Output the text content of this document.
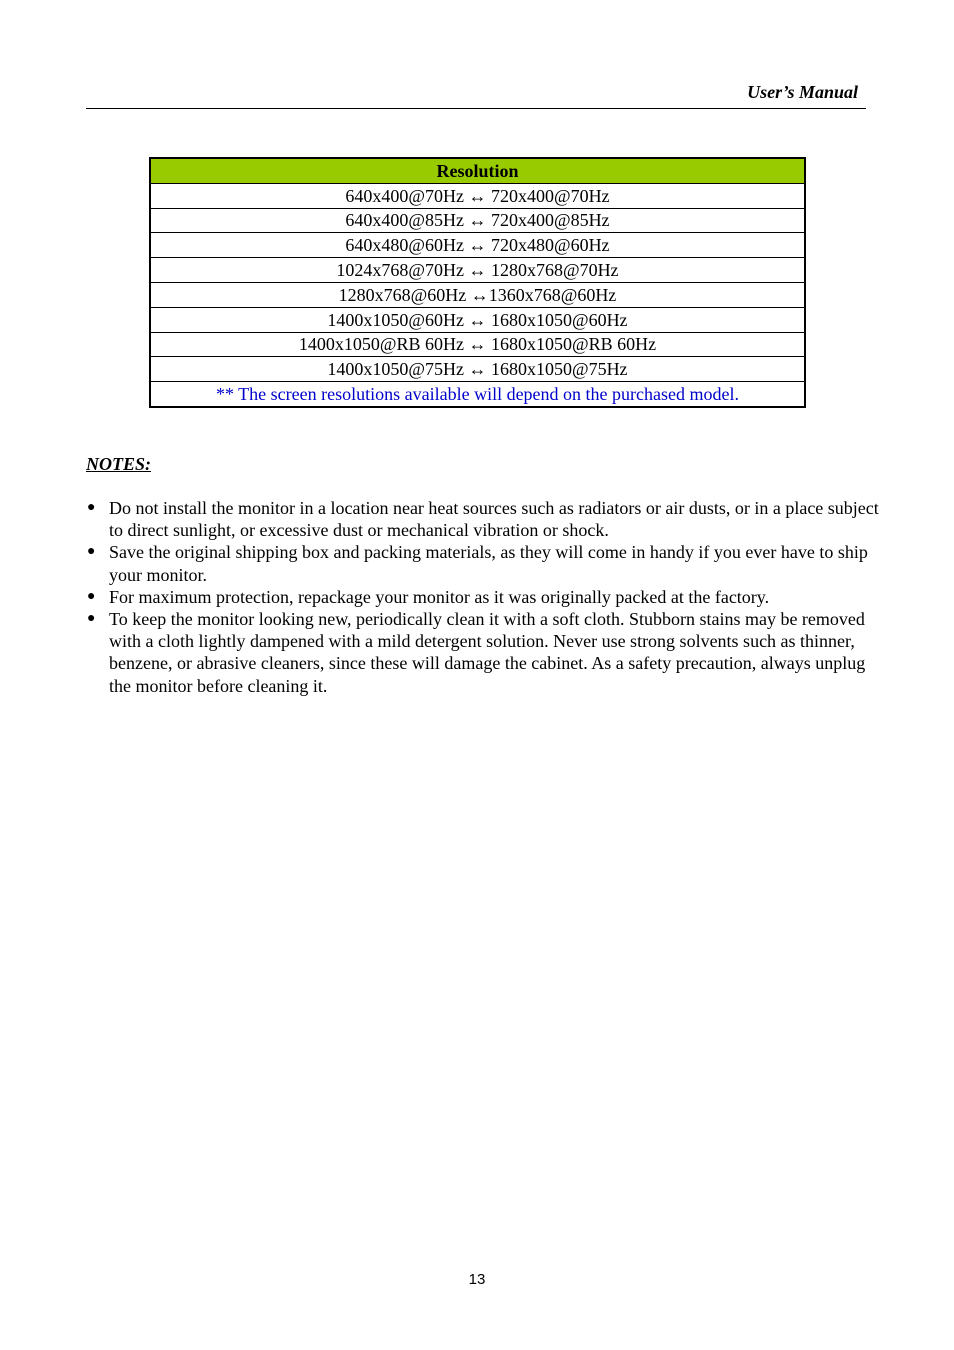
User’s Manual
Resolution
640x400@70Hz ↔ 720x400@70Hz
640x400@85Hz ↔ 720x400@85Hz
640x480@60Hz ↔ 720x480@60Hz
1024x768@70Hz ↔ 1280x768@70Hz
1280x768@60Hz ↔1360x768@60Hz
1400x1050@60Hz ↔ 1680x1050@60Hz
1400x1050@RB 60Hz ↔ 1680x1050@RB 60Hz
1400x1050@75Hz ↔ 1680x1050@75Hz
** The screen resolutions available will depend on the purchased model.
NOTES:
● Do not install the monitor in a location near heat sources such as radiators or air dusts, or in a place subject to direct sunlight, or excessive dust or mechanical vibration or shock.
● Save the original shipping box and packing materials, as they will come in handy if you ever have to ship your monitor.
● For maximum protection, repackage your monitor as it was originally packed at the factory.
● To keep the monitor looking new, periodically clean it with a soft cloth. Stubborn stains may be removed with a cloth lightly dampened with a mild detergent solution. Never use strong solvents such as thinner, benzene, or abrasive cleaners, since these will damage the cabinet. As a safety precaution, always unplug the monitor before cleaning it.
13
